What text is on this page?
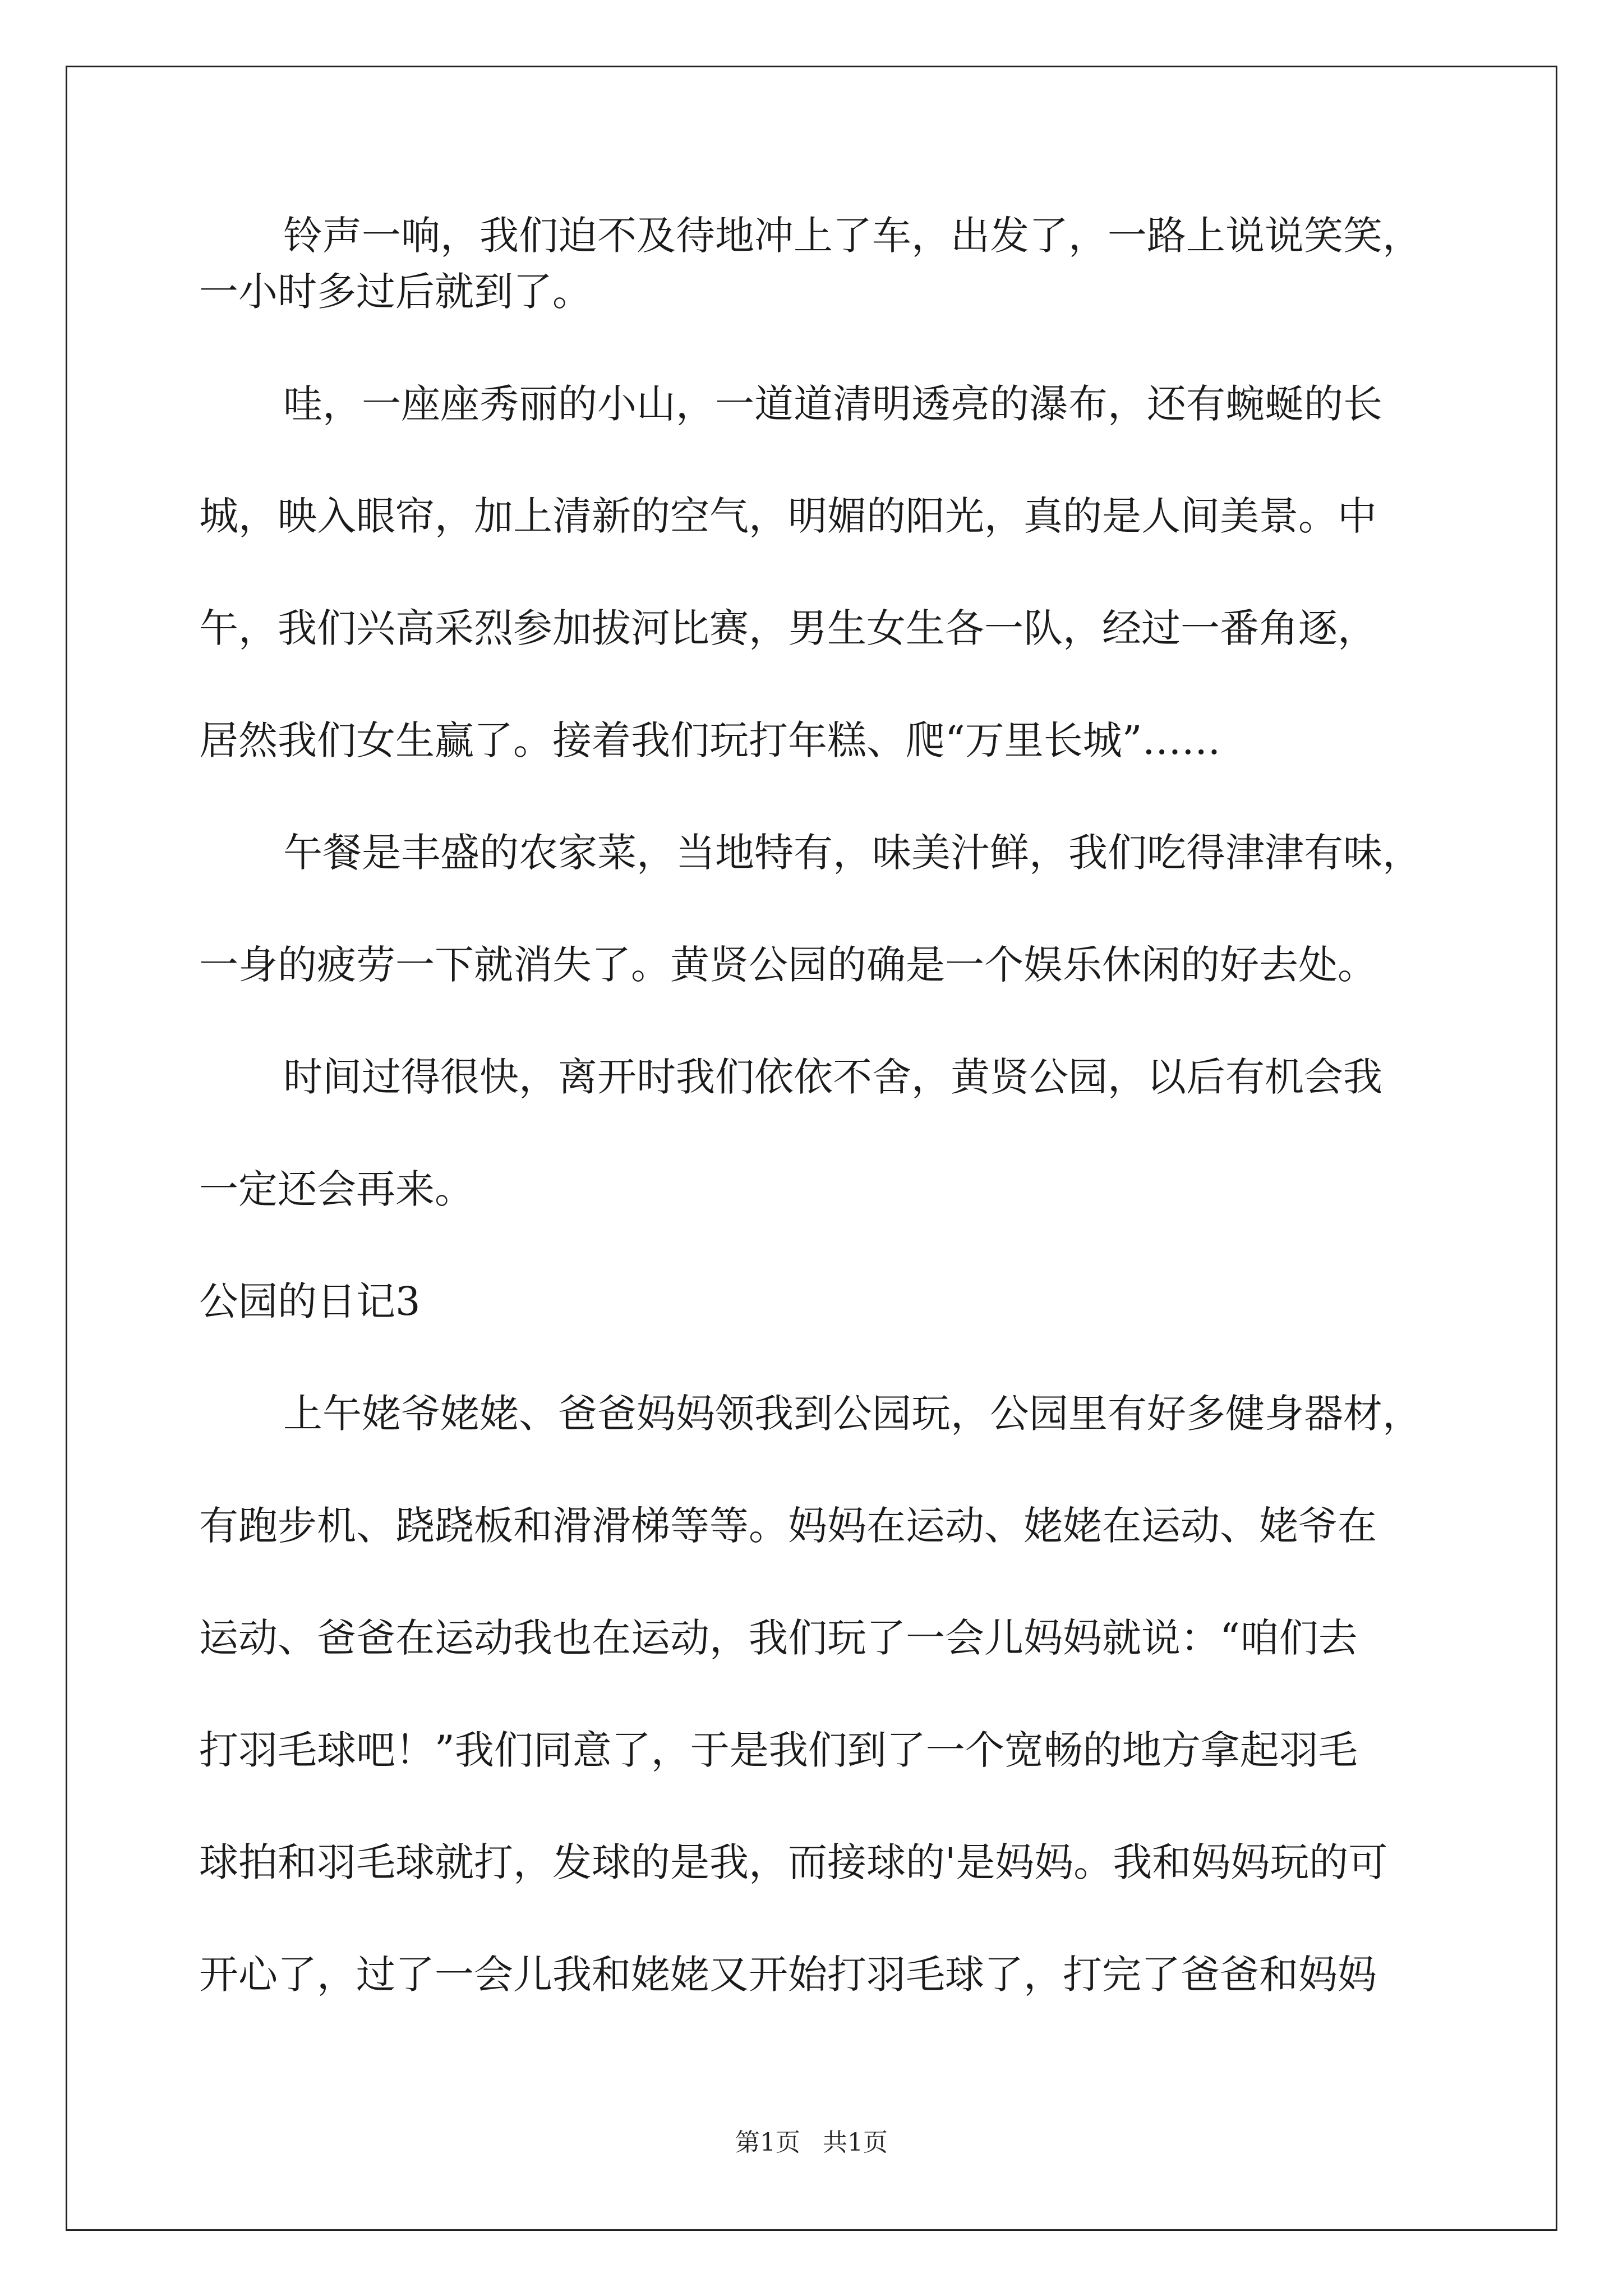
铃声一响，我们迫不及待地冲上了车，出发了，一路上说说笑笑，
一小时多过后就到了。
哇，一座座秀丽的小山，一道道清明透亮的瀑布，还有蜿蜒的长
城，映入眼帘，加上清新的空气，明媚的阳光，真的是人间美景。中
午，我们兴高采烈参加拔河比赛，男生女生各一队，经过一番角逐，
居然我们女生赢了。接着我们玩打年糕、爬“万里长城”……
午餐是丰盛的农家菜，当地特有，味美汁鲜，我们吃得津津有味，
一身的疲劳一下就消失了。黄贤公园的确是一个娱乐休闲的好去处。
时间过得很快，离开时我们依依不舍，黄贤公园，以后有机会我
一定还会再来。
公园的日记3
上午姥爷姥姥、爸爸妈妈领我到公园玩，公园里有好多健身器材，
有跑步机、跷跷板和滑滑梯等等。妈妈在运动、姥姥在运动、姥爷在
运动、爸爸在运动我也在运动，我们玩了一会儿妈妈就说：“咱们去
打羽毛球吧！”我们同意了，于是我们到了一个宽畅的地方拿起羽毛
球拍和羽毛球就打，发球的是我，而接球的'是妈妈。我和妈妈玩的可
开心了，过了一会儿我和姥姥又开始打羽毛球了，打完了爸爸和妈妈
第1页 共1页
